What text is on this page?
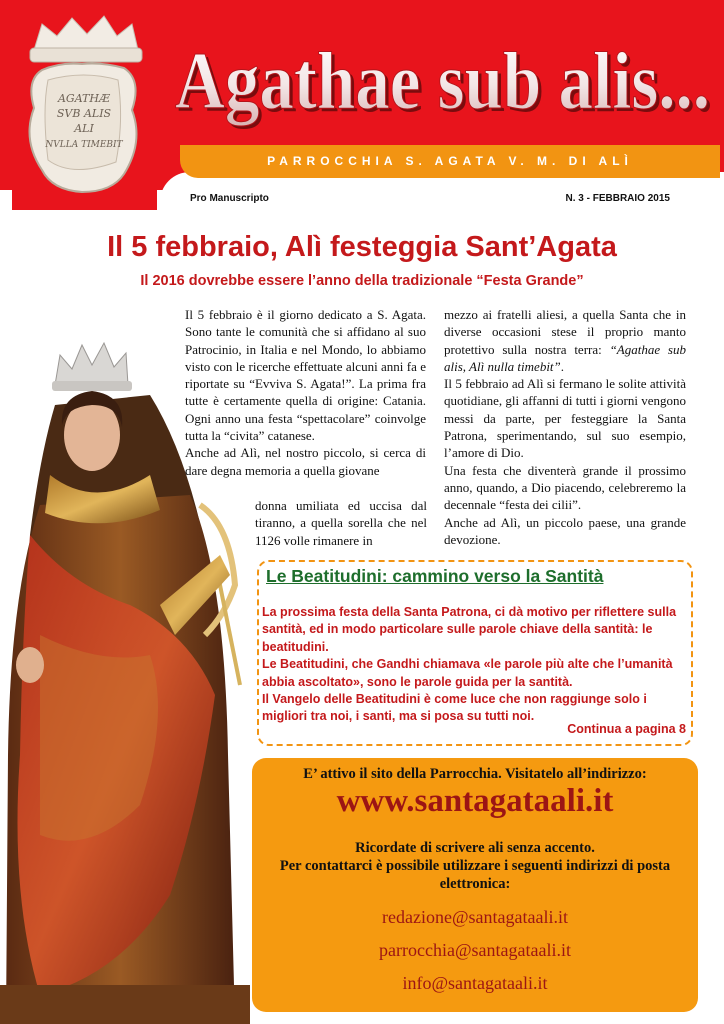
AGATHÆ
SVB ALIS
ALI
NVLLA TIMEBIT
Agathae sub alis...
Agathae sub alis...
PARROCCHIA S. AGATA V. M. DI ALÌ
Pro Manuscripto	N. 3 - FEBBRAIO 2015
Il 5 febbraio, Alì festeggia Sant’Agata
Il 2016 dovrebbe essere l’anno della tradizionale “Festa Grande”

Il 5 febbraio è il giorno dedicato a S. Agata. Sono tante le comunità che si affidano al suo Patrocinio, in Italia e nel Mondo, lo abbiamo visto con le ricerche effettuate alcuni anni fa e riportate su “Evviva S. Agata!”. La prima fra tutte è certamente quella di origine: Catania. Ogni anno una festa “spettacolare” coinvolge tutta la “civita” catanese.

Anche ad Alì, nel nostro piccolo, si cerca di dare degna memoria a quella giovane

donna umiliata ed uccisa dal tiranno, a quella sorella che nel 1126 volle rimanere in

mezzo ai fratelli aliesi, a quella Santa che in diverse occasioni stese il proprio manto protettivo sulla nostra terra: “Agathae sub alis, Alì nulla timebit”.

Il 5 febbraio ad Alì si fermano le solite attività quotidiane, gli affanni di tutti i giorni vengono messi da parte, per festeggiare la Santa Patrona, sperimentando, sul suo esempio, l’amore di Dio.

Una festa che diventerà grande il prossimo anno, quando, a Dio piacendo, celebreremo la decennale “festa dei cilii”.

Anche ad Alì, un piccolo paese, una grande devozione.

Le Beatitudini: cammino verso la Santità
La prossima festa della Santa Patrona, ci dà motivo per riflettere sulla santità, ed in modo particolare sulle parole chiave della santità: le beatitudini.
Le Beatitudini, che Gandhi chiamava «le parole più alte che l’umanità abbia ascoltato», sono le parole guida per la santità.
Il Vangelo delle Beatitudini è come luce che non raggiunge solo i migliori tra noi, i santi, ma si posa su tutti noi.
Continua a pagina 8

E’ attivo il sito della Parrocchia. Visitatelo all’indirizzo:

www.santagataali.it
Ricordate di scrivere ali senza accento.
Per contattarci è possibile utilizzare i seguenti indirizzi di posta elettronica:
redazione@santagataali.it
parrocchia@santagataali.it
info@santagataali.it
